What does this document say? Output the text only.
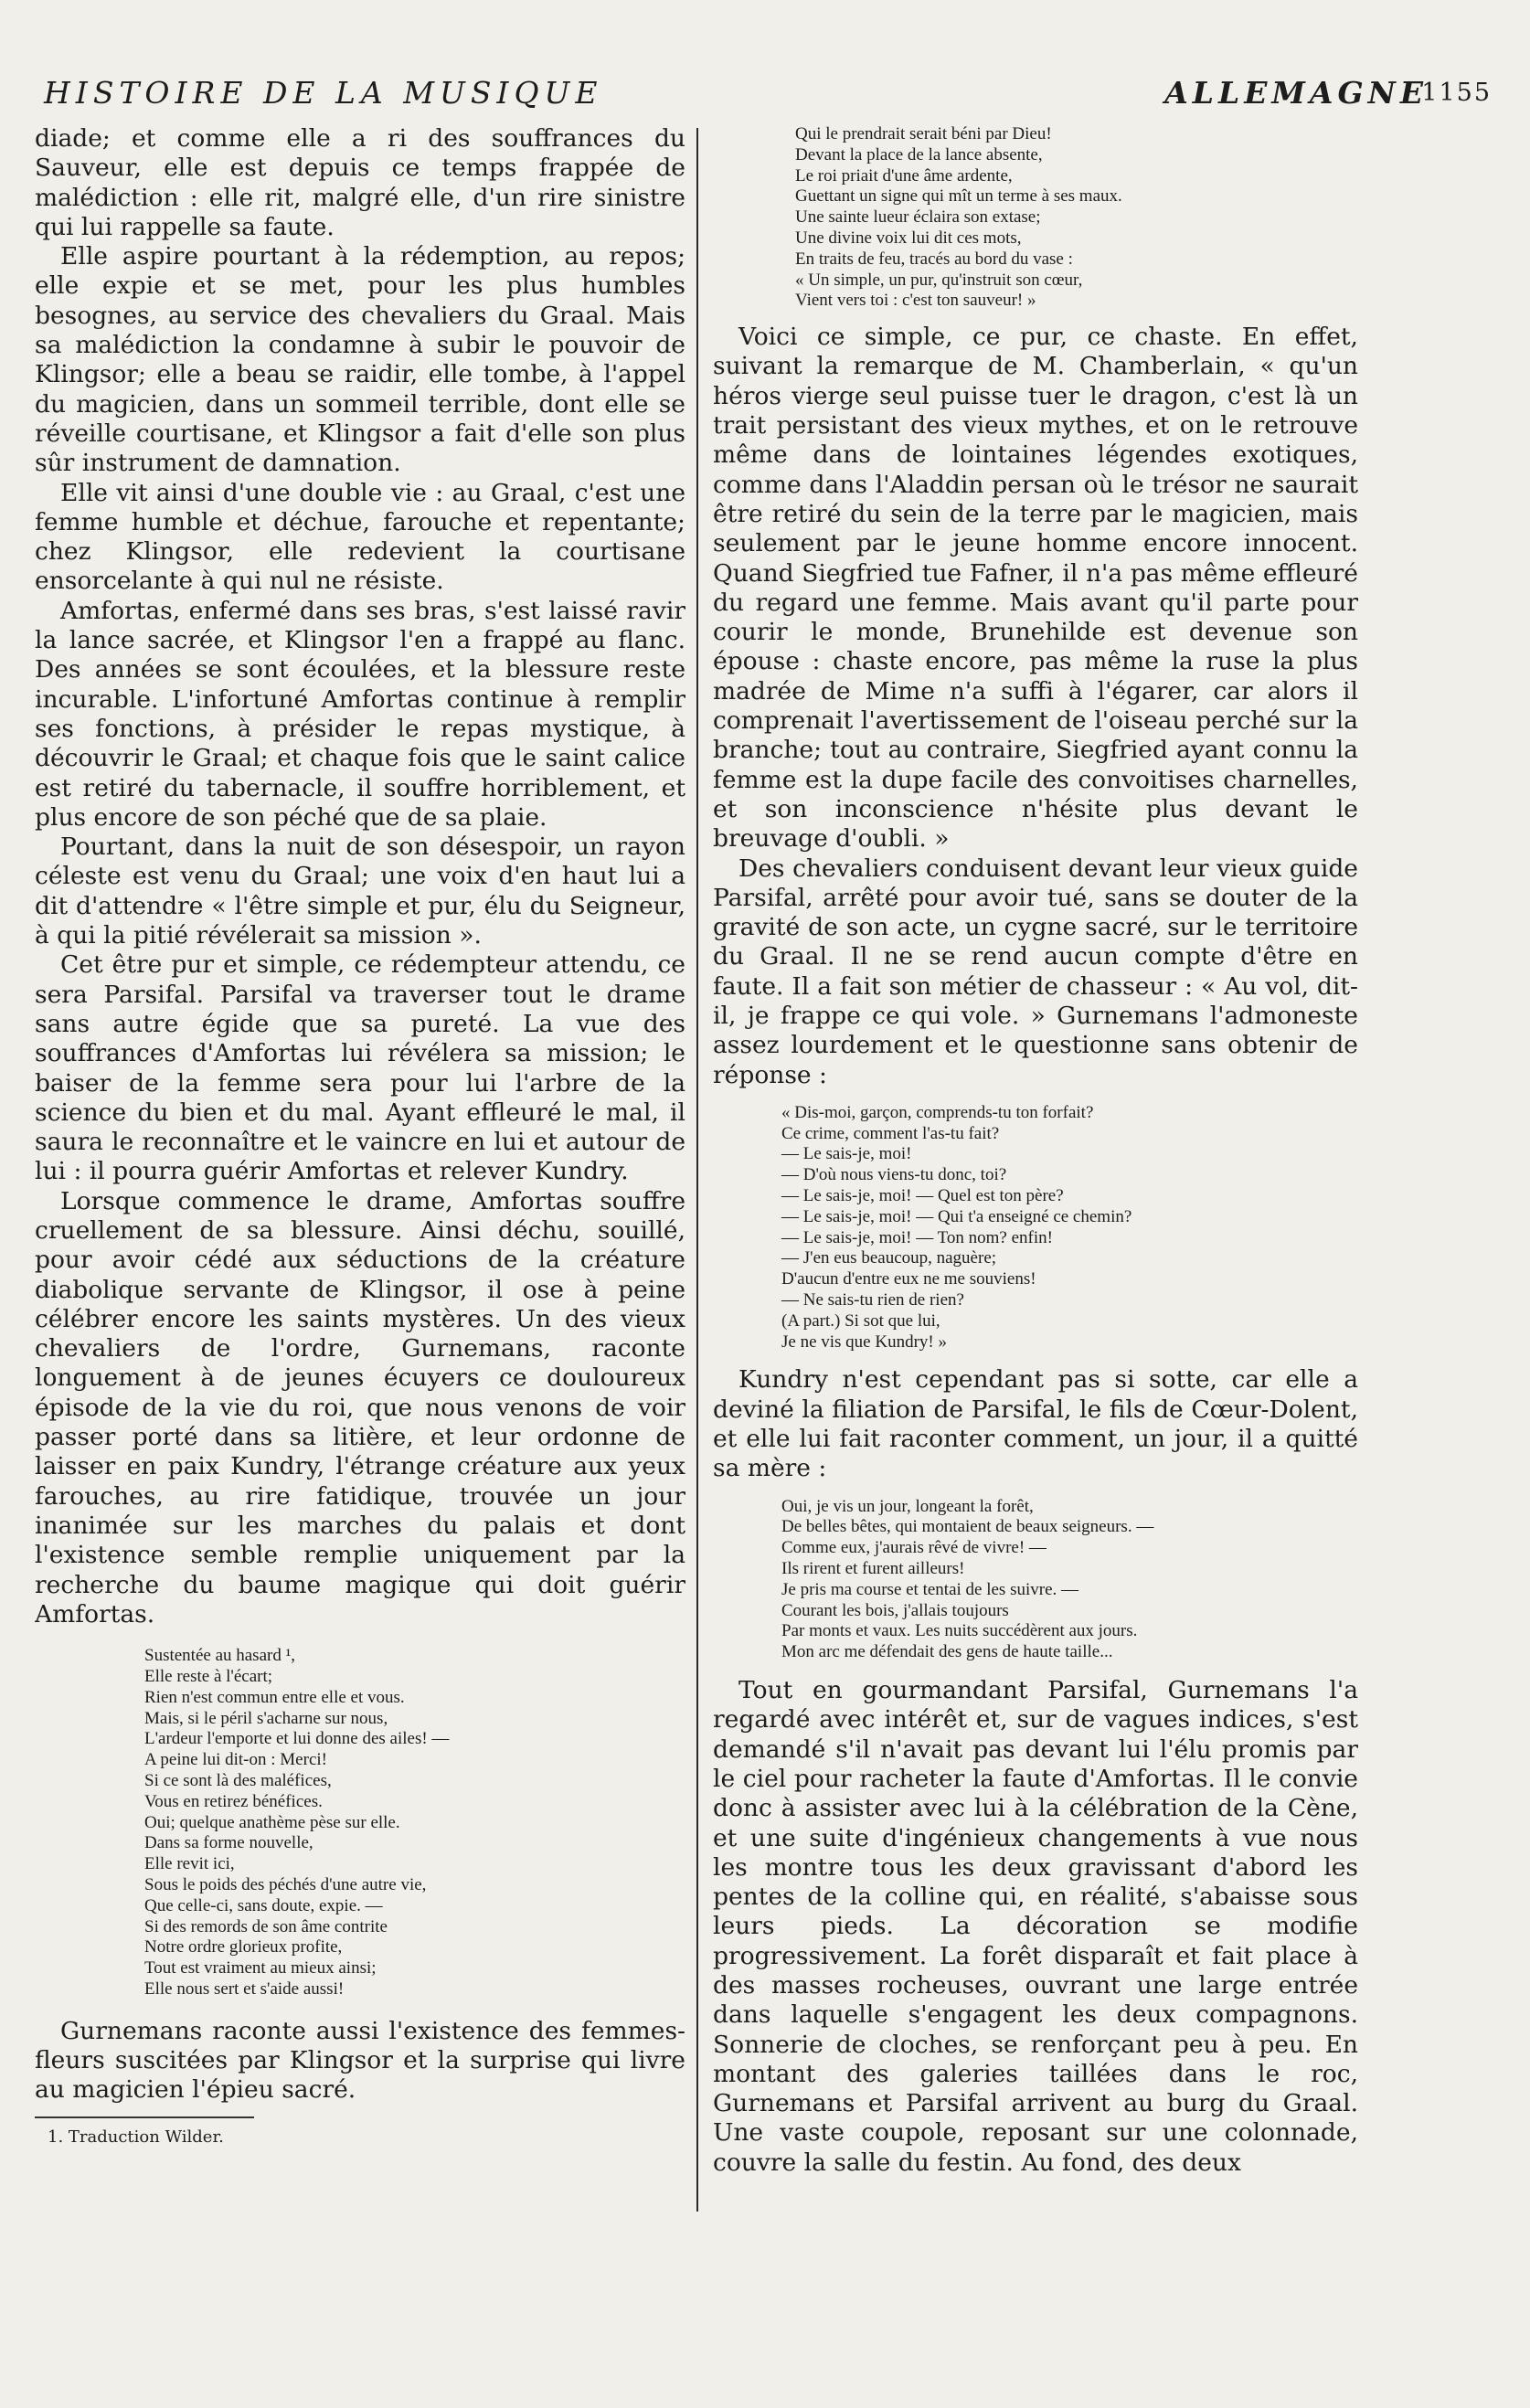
HISTOIRE DE LA MUSIQUE	ALLEMAGNE
1155

diade; et comme elle a ri des souffrances du Sauveur, elle est depuis ce temps frappée de malédiction : elle rit, malgré elle, d'un rire sinistre qui lui rappelle sa faute.

Elle aspire pourtant à la rédemption, au repos; elle expie et se met, pour les plus humbles besognes, au service des chevaliers du Graal. Mais sa malédiction la condamne à subir le pouvoir de Klingsor; elle a beau se raidir, elle tombe, à l'appel du magicien, dans un sommeil terrible, dont elle se réveille courtisane, et Klingsor a fait d'elle son plus sûr instrument de damnation.

Elle vit ainsi d'une double vie : au Graal, c'est une femme humble et déchue, farouche et repentante; chez Klingsor, elle redevient la courtisane ensorcelante à qui nul ne résiste.

Amfortas, enfermé dans ses bras, s'est laissé ravir la lance sacrée, et Klingsor l'en a frappé au flanc. Des années se sont écoulées, et la blessure reste incurable. L'infortuné Amfortas continue à remplir ses fonctions, à présider le repas mystique, à découvrir le Graal; et chaque fois que le saint calice est retiré du tabernacle, il souffre horriblement, et plus encore de son péché que de sa plaie.

Pourtant, dans la nuit de son désespoir, un rayon céleste est venu du Graal; une voix d'en haut lui a dit d'attendre « l'être simple et pur, élu du Seigneur, à qui la pitié révélerait sa mission ».

Cet être pur et simple, ce rédempteur attendu, ce sera Parsifal. Parsifal va traverser tout le drame sans autre égide que sa pureté. La vue des souffrances d'Amfortas lui révélera sa mission; le baiser de la femme sera pour lui l'arbre de la science du bien et du mal. Ayant effleuré le mal, il saura le reconnaître et le vaincre en lui et autour de lui : il pourra guérir Amfortas et relever Kundry.

Lorsque commence le drame, Amfortas souffre cruellement de sa blessure. Ainsi déchu, souillé, pour avoir cédé aux séductions de la créature diabolique servante de Klingsor, il ose à peine célébrer encore les saints mystères. Un des vieux chevaliers de l'ordre, Gurnemans, raconte longuement à de jeunes écuyers ce douloureux épisode de la vie du roi, que nous venons de voir passer porté dans sa litière, et leur ordonne de laisser en paix Kundry, l'étrange créature aux yeux farouches, au rire fatidique, trouvée un jour inanimée sur les marches du palais et dont l'existence semble remplie uniquement par la recherche du baume magique qui doit guérir Amfortas.

Sustentée au hasard ¹,
Elle reste à l'écart;
Rien n'est commun entre elle et vous.
Mais, si le péril s'acharne sur nous,
L'ardeur l'emporte et lui donne des ailes! —
A peine lui dit-on : Merci!
Si ce sont là des maléfices,
Vous en retirez bénéfices.
Oui; quelque anathème pèse sur elle.
Dans sa forme nouvelle,
Elle revit ici,
Sous le poids des péchés d'une autre vie,
Que celle-ci, sans doute, expie. —
Si des remords de son âme contrite
Notre ordre glorieux profite,
Tout est vraiment au mieux ainsi;
Elle nous sert et s'aide aussi!

Gurnemans raconte aussi l'existence des femmes-fleurs suscitées par Klingsor et la surprise qui livre au magicien l'épieu sacré.

1. Traduction Wilder.
Qui le prendrait serait béni par Dieu!
Devant la place de la lance absente,
Le roi priait d'une âme ardente,
Guettant un signe qui mît un terme à ses maux.
Une sainte lueur éclaira son extase;
Une divine voix lui dit ces mots,
En traits de feu, tracés au bord du vase :
« Un simple, un pur, qu'instruit son cœur,
Vient vers toi : c'est ton sauveur! »

Voici ce simple, ce pur, ce chaste. En effet, suivant la remarque de M. Chamberlain, « qu'un héros vierge seul puisse tuer le dragon, c'est là un trait persistant des vieux mythes, et on le retrouve même dans de lointaines légendes exotiques, comme dans l'Aladdin persan où le trésor ne saurait être retiré du sein de la terre par le magicien, mais seulement par le jeune homme encore innocent. Quand Siegfried tue Fafner, il n'a pas même effleuré du regard une femme. Mais avant qu'il parte pour courir le monde, Brunehilde est devenue son épouse : chaste encore, pas même la ruse la plus madrée de Mime n'a suffi à l'égarer, car alors il comprenait l'avertissement de l'oiseau perché sur la branche; tout au contraire, Siegfried ayant connu la femme est la dupe facile des convoitises charnelles, et son inconscience n'hésite plus devant le breuvage d'oubli. »

Des chevaliers conduisent devant leur vieux guide Parsifal, arrêté pour avoir tué, sans se douter de la gravité de son acte, un cygne sacré, sur le territoire du Graal. Il ne se rend aucun compte d'être en faute. Il a fait son métier de chasseur : « Au vol, dit-il, je frappe ce qui vole. » Gurnemans l'admoneste assez lourdement et le questionne sans obtenir de réponse :

« Dis-moi, garçon, comprends-tu ton forfait?
Ce crime, comment l'as-tu fait?
— Le sais-je, moi!
— D'où nous viens-tu donc, toi?
— Le sais-je, moi! — Quel est ton père?
— Le sais-je, moi! — Qui t'a enseigné ce chemin?
— Le sais-je, moi! — Ton nom? enfin!
— J'en eus beaucoup, naguère;
D'aucun d'entre eux ne me souviens!
— Ne sais-tu rien de rien?
(A part.) Si sot que lui,
Je ne vis que Kundry! »

Kundry n'est cependant pas si sotte, car elle a deviné la filiation de Parsifal, le fils de Cœur-Dolent, et elle lui fait raconter comment, un jour, il a quitté sa mère :

Oui, je vis un jour, longeant la forêt,
De belles bêtes, qui montaient de beaux seigneurs. —
Comme eux, j'aurais rêvé de vivre! —
Ils rirent et furent ailleurs!
Je pris ma course et tentai de les suivre. —
Courant les bois, j'allais toujours
Par monts et vaux. Les nuits succédèrent aux jours.
Mon arc me défendait des gens de haute taille...

Tout en gourmandant Parsifal, Gurnemans l'a regardé avec intérêt et, sur de vagues indices, s'est demandé s'il n'avait pas devant lui l'élu promis par le ciel pour racheter la faute d'Amfortas. Il le convie donc à assister avec lui à la célébration de la Cène, et une suite d'ingénieux changements à vue nous les montre tous les deux gravissant d'abord les pentes de la colline qui, en réalité, s'abaisse sous leurs pieds. La décoration se modifie progressivement. La forêt disparaît et fait place à des masses rocheuses, ouvrant une large entrée dans laquelle s'engagent les deux compagnons. Sonnerie de cloches, se renforçant peu à peu. En montant des galeries taillées dans le roc, Gurnemans et Parsifal arrivent au burg du Graal. Une vaste coupole, reposant sur une colonnade, couvre la salle du festin. Au fond, des deux
